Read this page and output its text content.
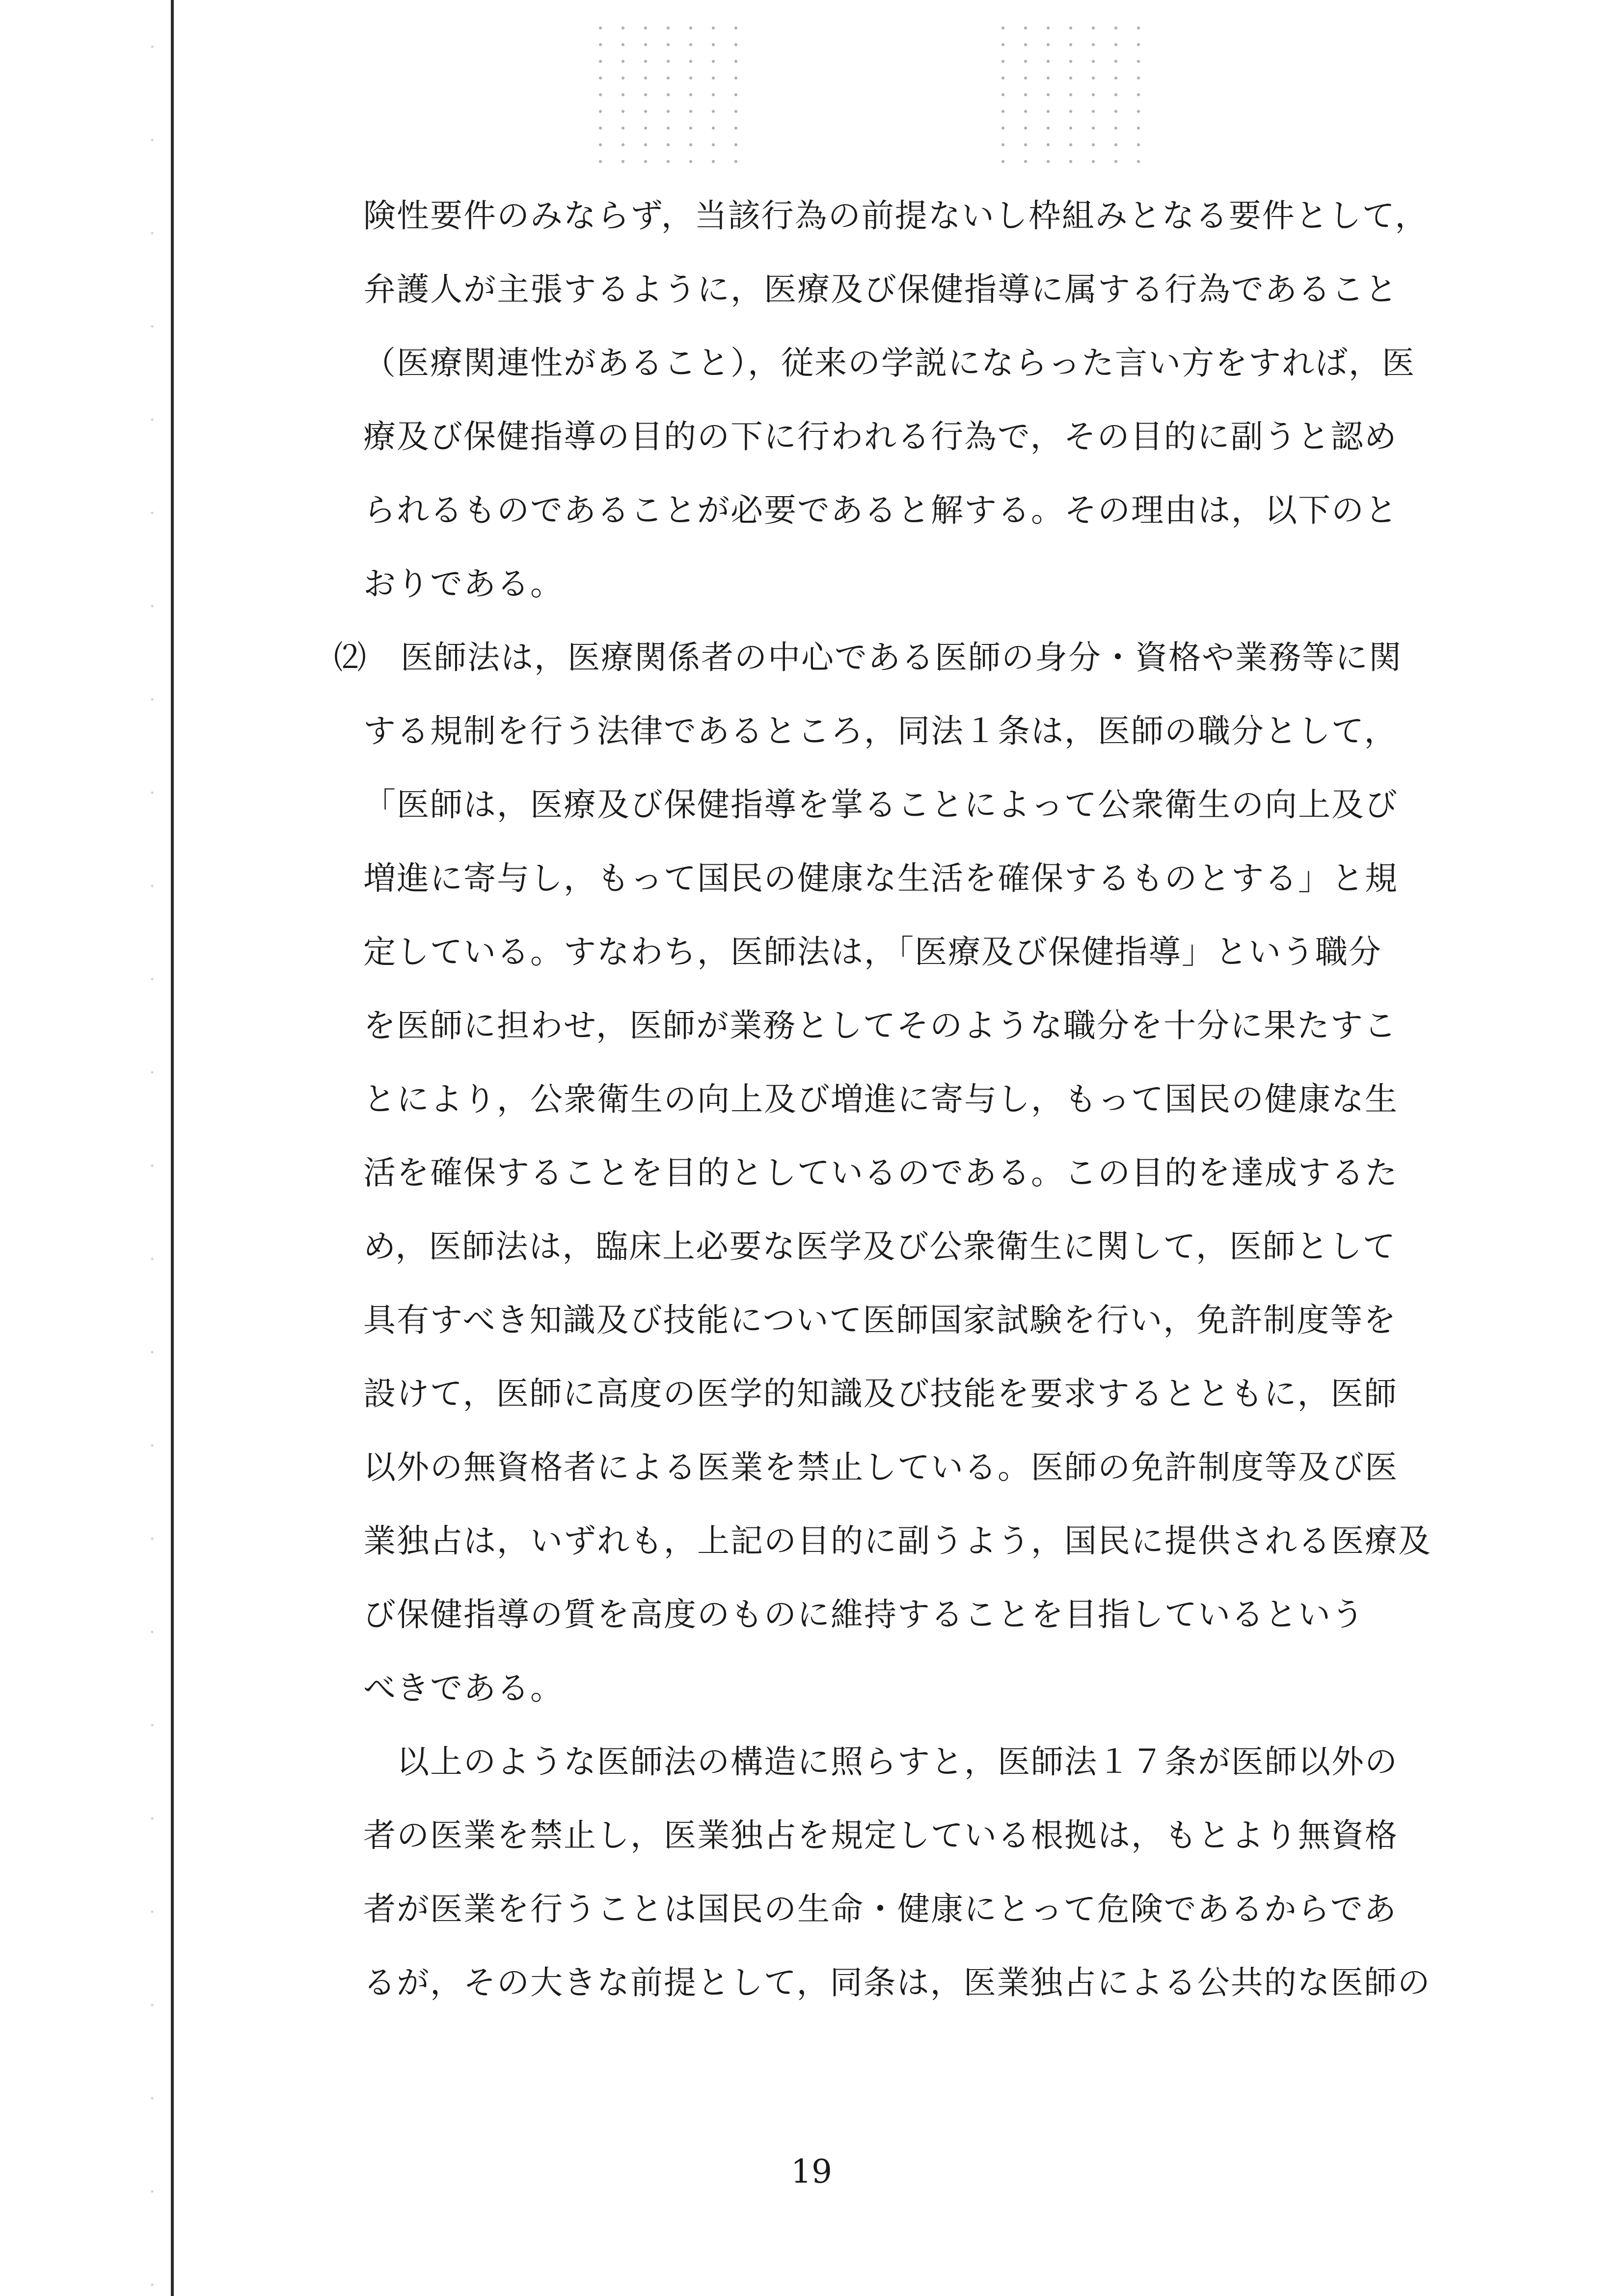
険性要件のみならず，当該行為の前提ないし枠組みとなる要件として，
弁護人が主張するように，医療及び保健指導に属する行為であること
（医療関連性があること），従来の学説にならった言い方をすれば，医
療及び保健指導の目的の下に行われる行為で，その目的に副うと認め
られるものであることが必要であると解する。その理由は，以下のと
おりである。
⑵　医師法は，医療関係者の中心である医師の身分・資格や業務等に関
する規制を行う法律であるところ，同法１条は，医師の職分として，
「医師は，医療及び保健指導を掌ることによって公衆衛生の向上及び
増進に寄与し，もって国民の健康な生活を確保するものとする」と規
定している。すなわち，医師法は，「医療及び保健指導」という職分
を医師に担わせ，医師が業務としてそのような職分を十分に果たすこ
とにより，公衆衛生の向上及び増進に寄与し，もって国民の健康な生
活を確保することを目的としているのである。この目的を達成するた
め，医師法は，臨床上必要な医学及び公衆衛生に関して，医師として
具有すべき知識及び技能について医師国家試験を行い，免許制度等を
設けて，医師に高度の医学的知識及び技能を要求するとともに，医師
以外の無資格者による医業を禁止している。医師の免許制度等及び医
業独占は，いずれも，上記の目的に副うよう，国民に提供される医療及
び保健指導の質を高度のものに維持することを目指しているという
べきである。
　以上のような医師法の構造に照らすと，医師法１７条が医師以外の
者の医業を禁止し，医業独占を規定している根拠は，もとより無資格
者が医業を行うことは国民の生命・健康にとって危険であるからであ
るが，その大きな前提として，同条は，医業独占による公共的な医師の
19
